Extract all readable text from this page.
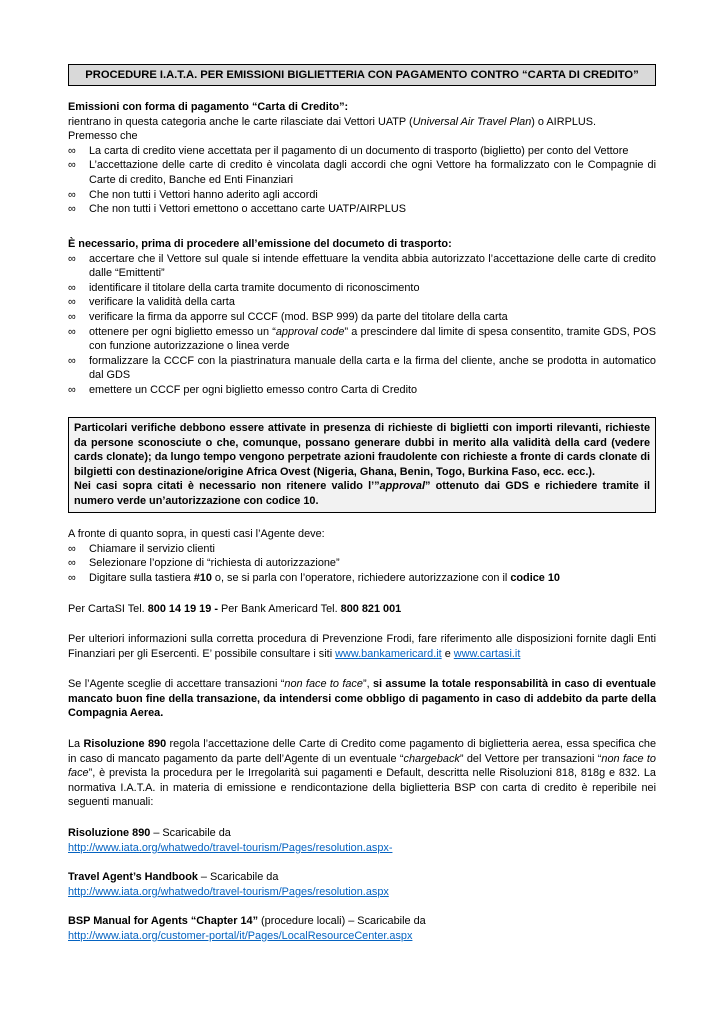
PROCEDURE I.A.T.A. PER EMISSIONI BIGLIETTERIA CON PAGAMENTO CONTRO “CARTA DI CREDITO”

Emissioni con forma di pagamento “Carta di Credito”:

rientrano in questa categoria anche le carte rilasciate dai Vettori UATP (Universal Air Travel Plan) o AIRPLUS.

Premesso che

∞ La carta di credito viene accettata per il pagamento di un documento di trasporto (biglietto) per conto del Vettore
∞ L’accettazione delle carte di credito è vincolata dagli accordi che ogni Vettore ha formalizzato con le Compagnie di Carte di credito, Banche ed Enti Finanziari
∞ Che non tutti i Vettori hanno aderito agli accordi
∞ Che non tutti i Vettori emettono o accettano carte UATP/AIRPLUS

È necessario, prima di procedere all’emissione del documeto di trasporto:

∞ accertare che il Vettore sul quale si intende effettuare la vendita abbia autorizzato l’accettazione delle carte di credito dalle “Emittenti”
∞ identificare il titolare della carta tramite documento di riconoscimento
∞ verificare la validità della carta
∞ verificare la firma da apporre sul CCCF (mod. BSP 999) da parte del titolare della carta
∞ ottenere per ogni biglietto emesso un “approval code” a prescindere dal limite di spesa consentito, tramite GDS, POS con funzione autorizzazione o linea verde
∞ formalizzare la CCCF con la piastrinatura manuale della carta e la firma del cliente, anche se prodotta in automatico dal GDS
∞ emettere un CCCF per ogni biglietto emesso contro Carta di Credito

Particolari verifiche debbono essere attivate in presenza di richieste di biglietti con importi rilevanti, richieste da persone sconosciute o che, comunque, possano generare dubbi in merito alla validità della card (vedere cards clonate); da lungo tempo vengono perpetrate azioni fraudolente con richieste a fronte di cards clonate di bilgietti con destinazione/origine Africa Ovest (Nigeria, Ghana, Benin, Togo, Burkina Faso, ecc. ecc.).

Nei casi sopra citati è necessario non ritenere valido l’”approval” ottenuto dai GDS e richiedere tramite il numero verde un’autorizzazione con codice 10.

A fronte di quanto sopra, in questi casi l’Agente deve:

∞ Chiamare il servizio clienti
∞ Selezionare l’opzione di “richiesta di autorizzazione”
∞ Digitare sulla tastiera #10 o, se si parla con l’operatore, richiedere autorizzazione con il codice 10

Per CartaSI Tel. 800 14 19 19 - Per Bank Americard Tel. 800 821 001

Per ulteriori informazioni sulla corretta procedura di Prevenzione Frodi, fare riferimento alle disposizioni fornite dagli Enti Finanziari per gli Esercenti. E’ possibile consultare i siti www.bankamericard.it e www.cartasi.it

Se l’Agente sceglie di accettare transazioni “non face to face”, si assume la totale responsabilità in caso di eventuale mancato buon fine della transazione, da intendersi come obbligo di pagamento in caso di addebito da parte della Compagnia Aerea.

La Risoluzione 890 regola l’accettazione delle Carte di Credito come pagamento di biglietteria aerea, essa specifica che in caso di mancato pagamento da parte dell’Agente di un eventuale “chargeback” del Vettore per transazioni “non face to face”, è prevista la procedura per le Irregolarità sui pagamenti e Default, descritta nelle Risoluzioni 818, 818g e 832. La normativa I.A.T.A. in materia di emissione e rendicontazione della biglietteria BSP con carta di credito è reperibile nei seguenti manuali:

Risoluzione 890 – Scaricabile da

http://www.iata.org/whatwedo/travel-tourism/Pages/resolution.aspx-

Travel Agent’s Handbook – Scaricabile da

http://www.iata.org/whatwedo/travel-tourism/Pages/resolution.aspx

BSP Manual for Agents “Chapter 14” (procedure locali) – Scaricabile da

http://www.iata.org/customer-portal/it/Pages/LocalResourceCenter.aspx
